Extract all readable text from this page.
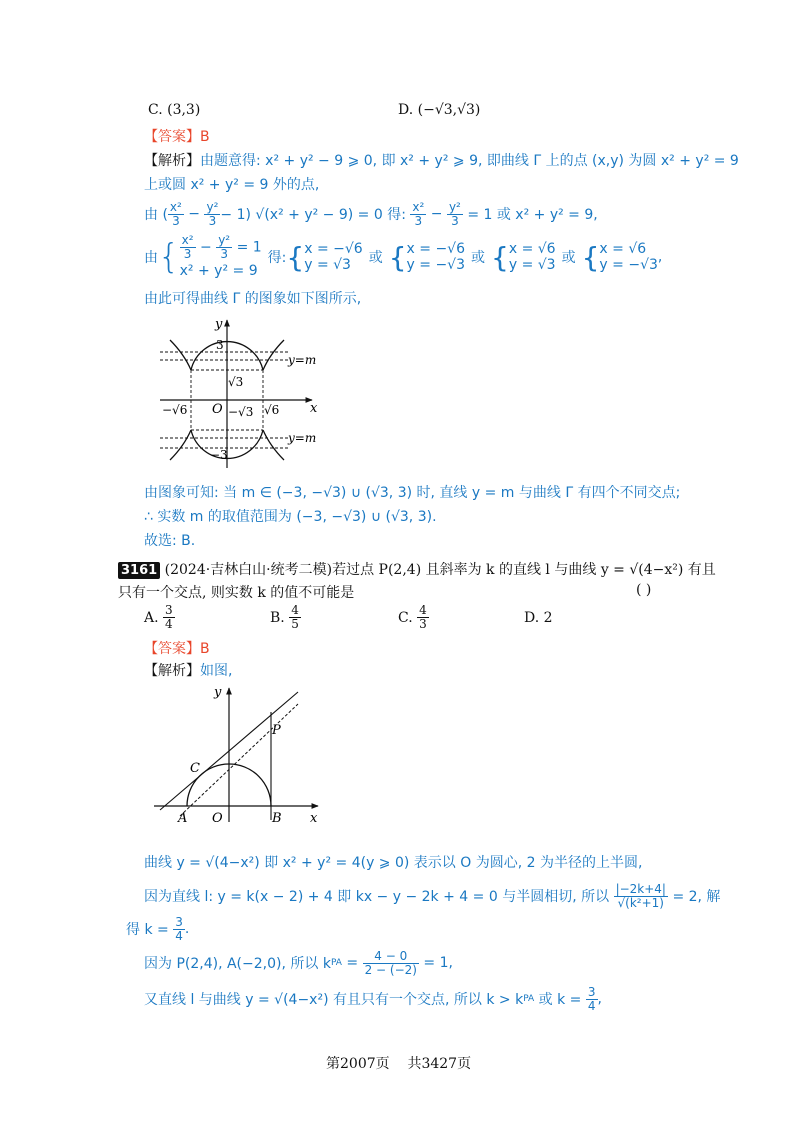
C. (3,3)	D. (−√3,√3)
【答案】B
【解析】由题意得: x² + y² − 9 ⩾ 0, 即 x² + y² ⩾ 9, 即曲线 Γ 上的点 (x,y) 为圆 x² + y² = 9
上或圆 x² + y² = 9 外的点,
由 ( $\frac{\text{x²}}{3} - \frac{\text{y²}}{3} - 1$) √(x² + y² − 9) = 0 得:
$\frac{\text{x²}}{3} - \frac{\text{y²}}{3}$
= 1 或 x² + y² = 9,
由 { $\frac{\text{x²}}{3} - \frac{\text{y²}}{3} = 1$
x² + y² = 9
得: { x = −√6
y = √3	或 { x = −√6
y = −√3 或 { x = √6
y = √3 或 { x = √6
y = −√3 ,
由此可得曲线 Γ 的图象如下图所示,
y
x
O
3
−3
√3
−√3 √6
−√6
y=m
y=m
由图象可知: 当 m ∈ (−3, −√3) ∪ (√3, 3) 时, 直线 y = m 与曲线 Γ 有四个不同交点;
∴ 实数 m 的取值范围为 (−3, −√3) ∪ (√3, 3).
故选: B.
3161 (2024·吉林白山·统考二模)若过点 P(2,4) 且斜率为 k 的直线 l 与曲线 y = √(4−x²) 有且
只有一个交点, 则实数 k 的值不可能是	( )
A.
$\frac{3}{4}$	B.
$\frac{4}{5}$	C.
$\frac{4}{3}$	D. 2
【答案】B
【解析】如图,
y
x
O
A	B
C
P
曲线 y = √(4−x²) 即 x² + y² = 4(y ⩾ 0) 表示以 O 为圆心, 2 为半径的上半圆,
因为直线 l: y = k(x − 2) + 4 即 kx − y − 2k + 4 = 0 与半圆相切, 所以
$\frac{|-2k+4|}{\text{√(k²+1)}}$
= 2, 解
得 k =
$\frac{3}{4}$ .
因为 P(2,4), A(−2,0), 所以 k PA
=
$\frac{4 - 0}{2 - (-2)}$
= 1,
又直线 l 与曲线 y = √(4−x²) 有且只有一个交点, 所以 k > k PA
或 k =
$\frac{3}{4}$ ,
第2007页 共3427页
